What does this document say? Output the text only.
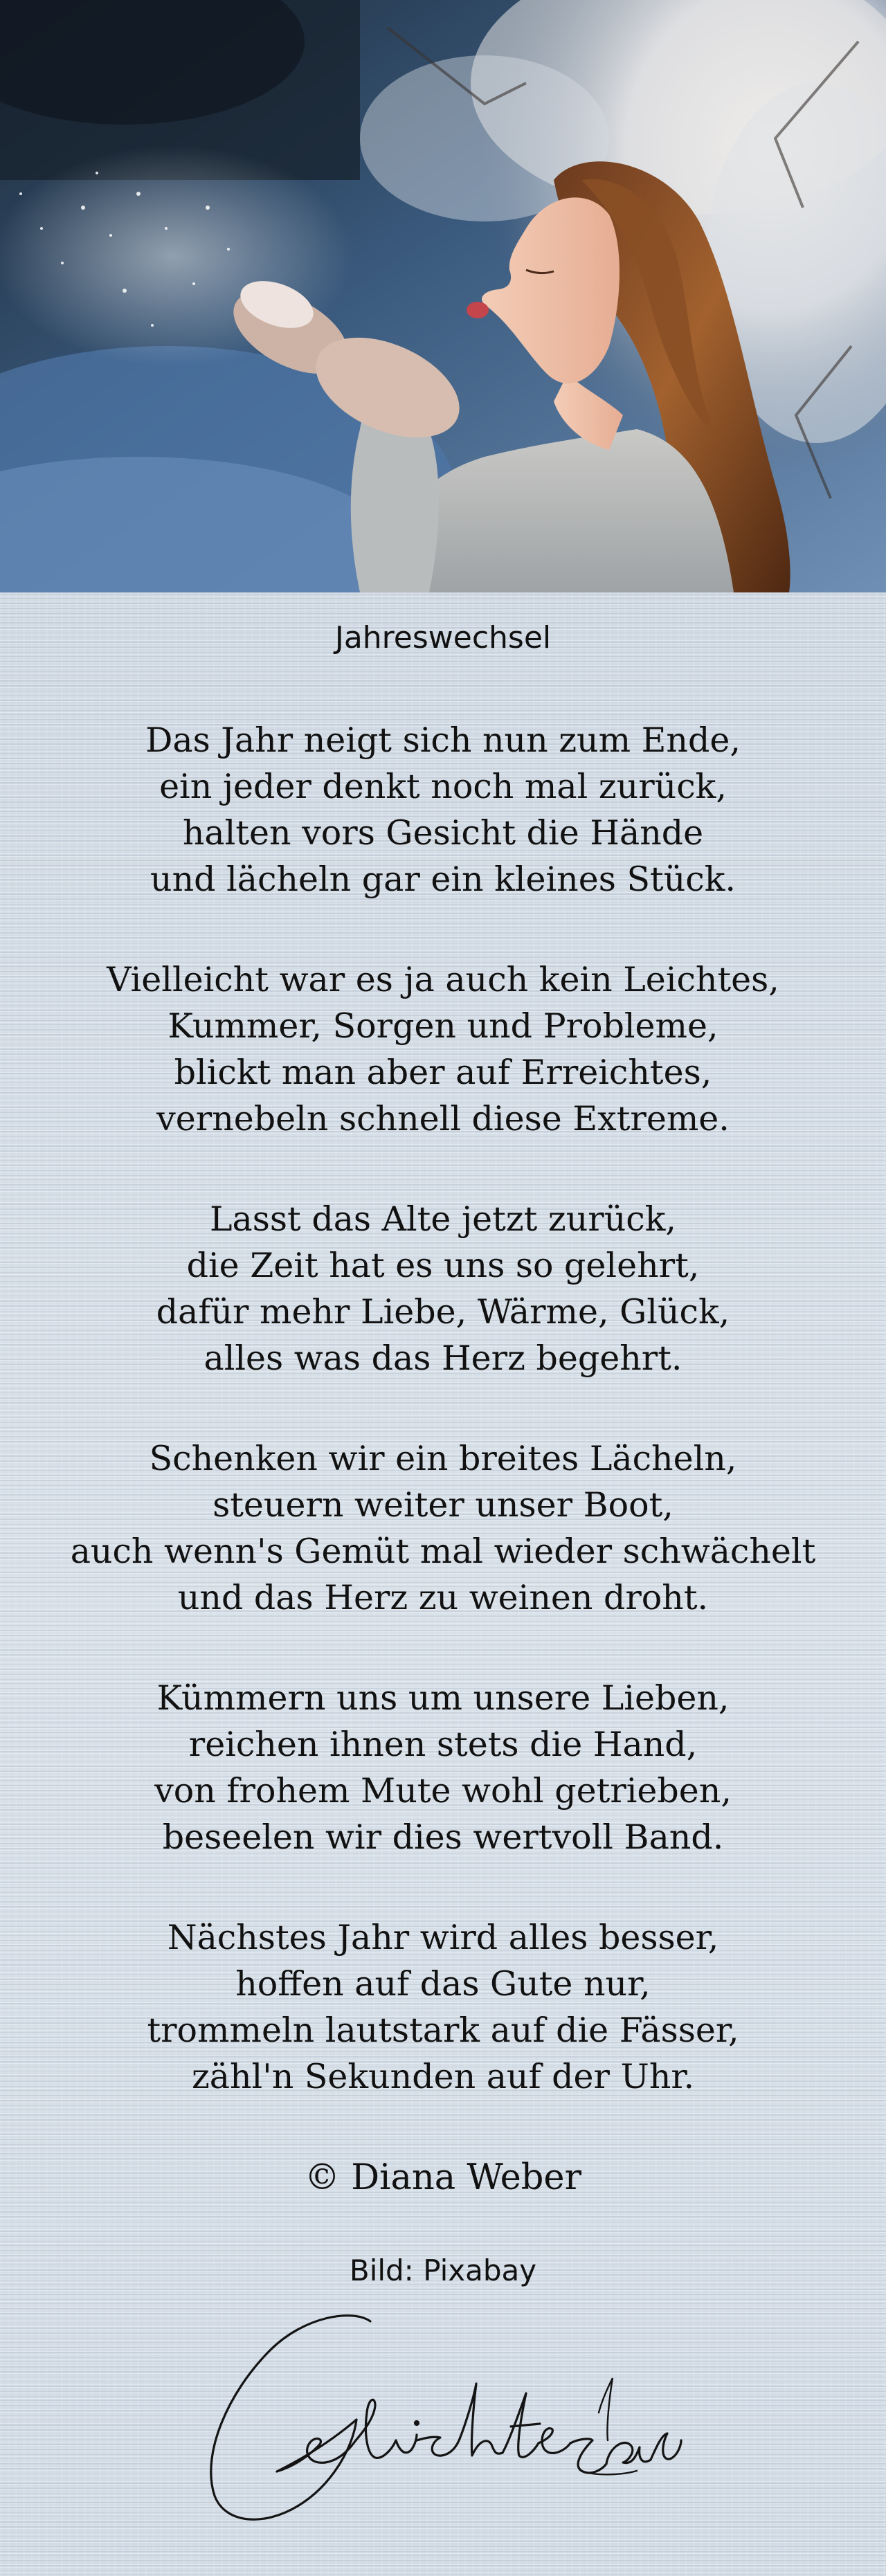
Jahreswechsel
Das Jahr neigt sich nun zum Ende,
ein jeder denkt noch mal zurück,
halten vors Gesicht die Hände
und lächeln gar ein kleines Stück.
Vielleicht war es ja auch kein Leichtes,
Kummer, Sorgen und Probleme,
blickt man aber auf Erreichtes,
vernebeln schnell diese Extreme.
Lasst das Alte jetzt zurück,
die Zeit hat es uns so gelehrt,
dafür mehr Liebe, Wärme, Glück,
alles was das Herz begehrt.
Schenken wir ein breites Lächeln,
steuern weiter unser Boot,
auch wenn's Gemüt mal wieder schwächelt
und das Herz zu weinen droht.
Kümmern uns um unsere Lieben,
reichen ihnen stets die Hand,
von frohem Mute wohl getrieben,
beseelen wir dies wertvoll Band.
Nächstes Jahr wird alles besser,
hoffen auf das Gute nur,
trommeln lautstark auf die Fässer,
zähl'n Sekunden auf der Uhr.
© Diana Weber
Bild: Pixabay
